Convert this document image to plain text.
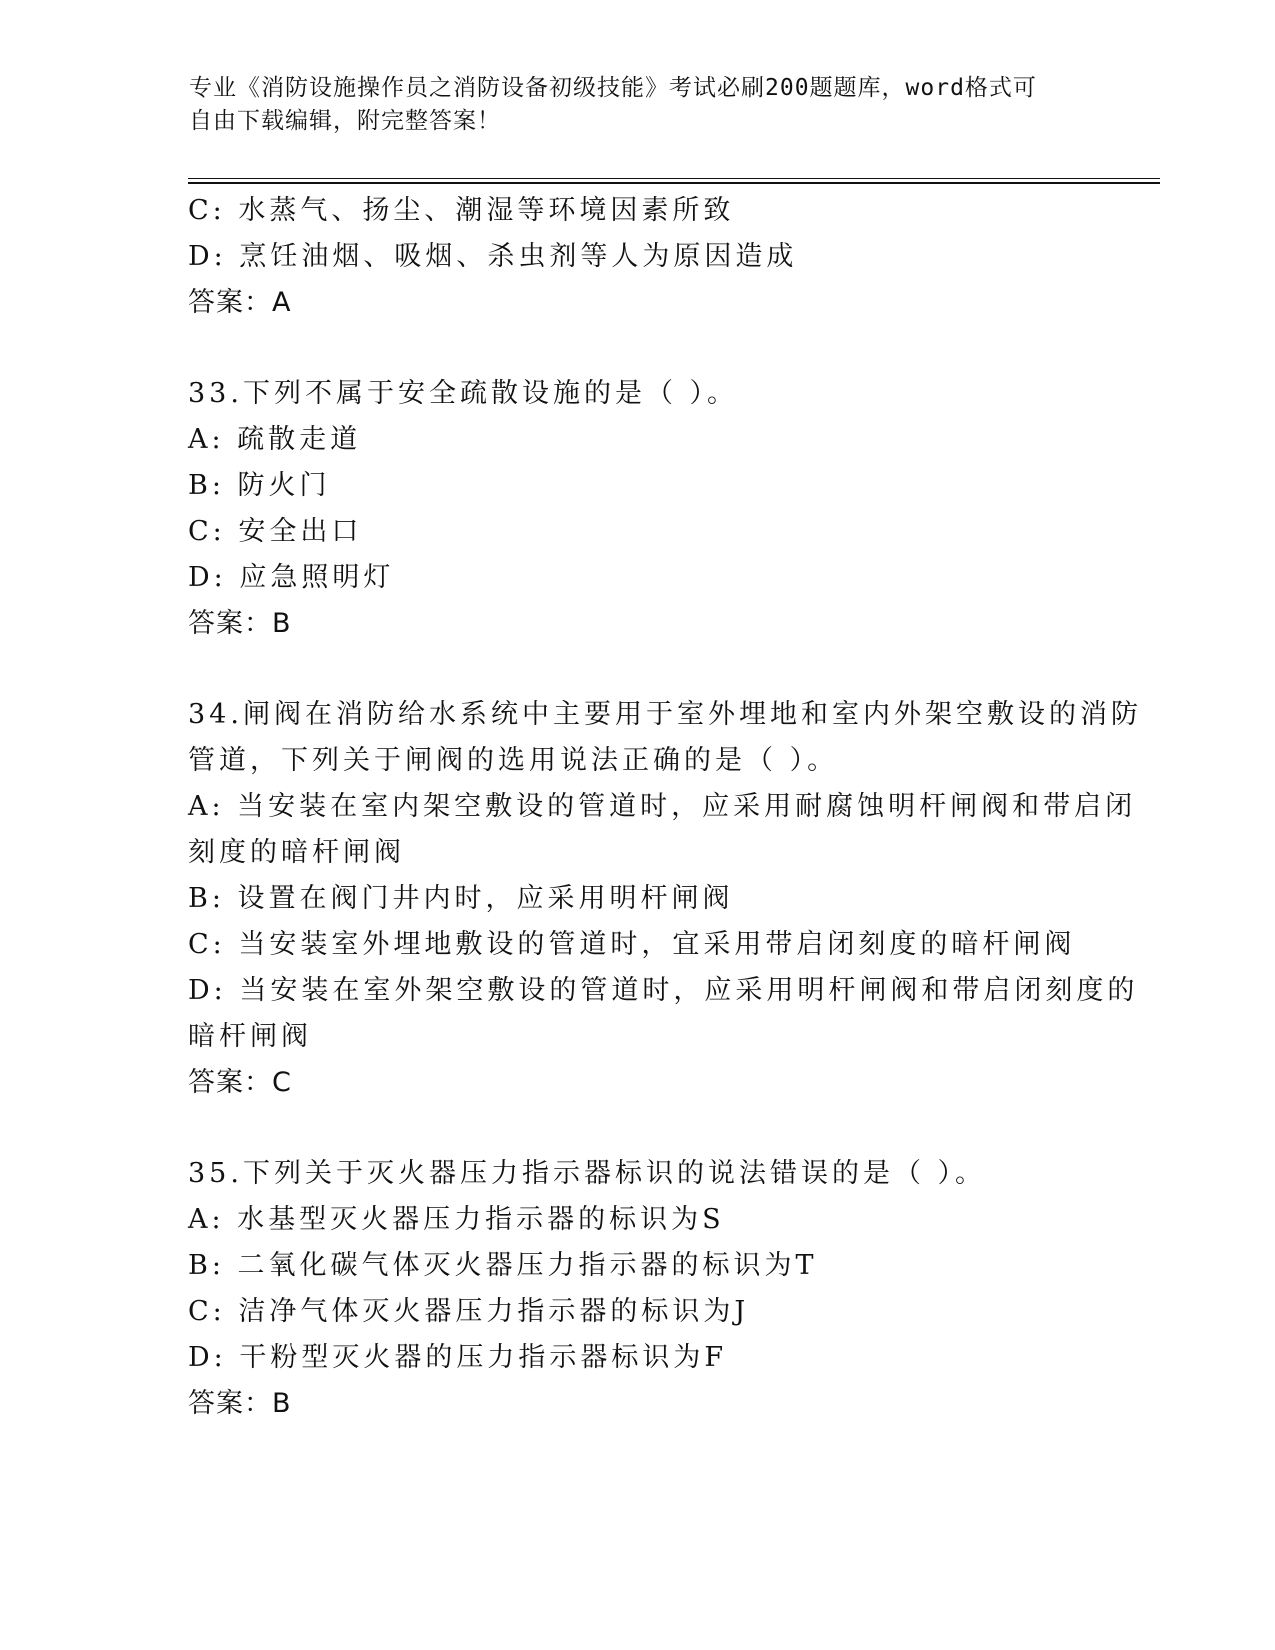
专业《消防设施操作员之消防设备初级技能》考试必刷200题题库，word格式可
自由下载编辑，附完整答案！
C: 水蒸气、扬尘、潮湿等环境因素所致
D: 烹饪油烟、吸烟、杀虫剂等人为原因造成
答案：A
33.下列不属于安全疏散设施的是（ ）。
A: 疏散走道
B: 防火门
C: 安全出口
D: 应急照明灯
答案：B
34.闸阀在消防给水系统中主要用于室外埋地和室内外架空敷设的消防
管道，下列关于闸阀的选用说法正确的是（ ）。
A: 当安装在室内架空敷设的管道时，应采用耐腐蚀明杆闸阀和带启闭
刻度的暗杆闸阀
B: 设置在阀门井内时，应采用明杆闸阀
C: 当安装室外埋地敷设的管道时，宜采用带启闭刻度的暗杆闸阀
D: 当安装在室外架空敷设的管道时，应采用明杆闸阀和带启闭刻度的
暗杆闸阀
答案：C
35.下列关于灭火器压力指示器标识的说法错误的是（ ）。
A: 水基型灭火器压力指示器的标识为S
B: 二氧化碳气体灭火器压力指示器的标识为T
C: 洁净气体灭火器压力指示器的标识为J
D: 干粉型灭火器的压力指示器标识为F
答案：B
